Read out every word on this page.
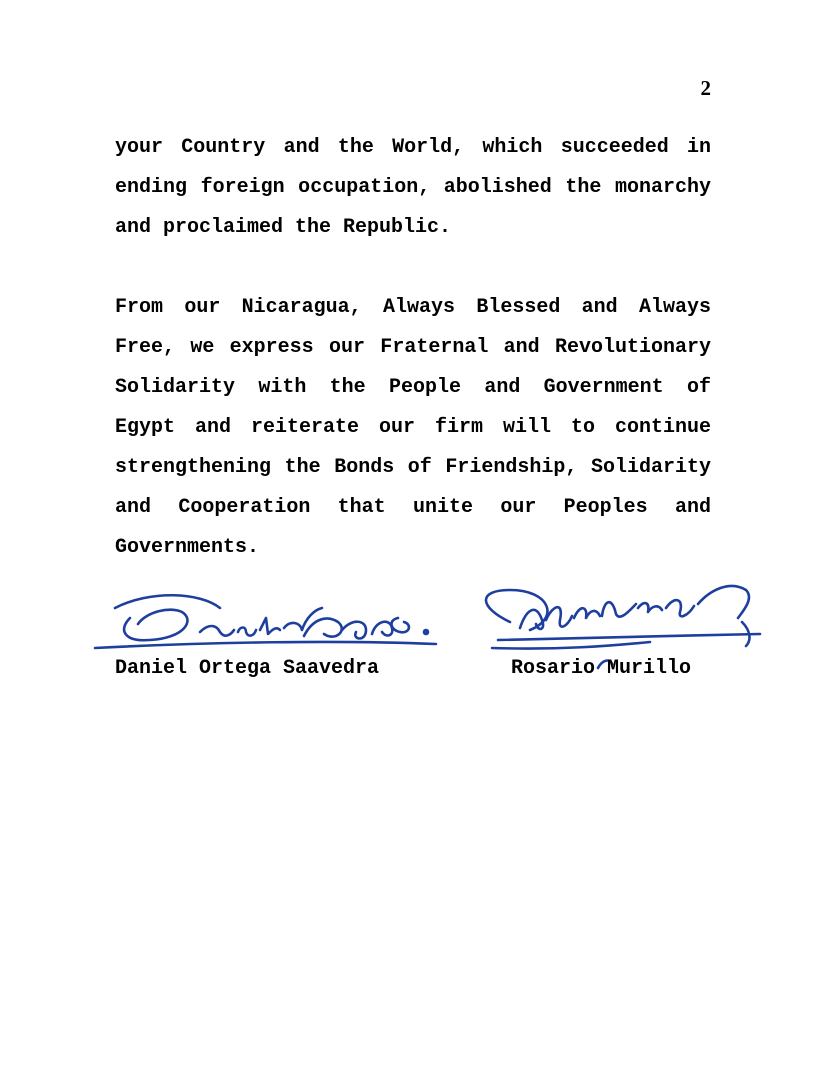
2

your Country and the World, which succeeded in ending foreign occupation, abolished the monarchy and proclaimed the Republic.

From our Nicaragua, Always Blessed and Always Free, we express our Fraternal and Revolutionary Solidarity with the People and Government of Egypt and reiterate our firm will to continue strengthening the Bonds of Friendship, Solidarity and Cooperation that unite our Peoples and Governments.

Daniel Ortega Saavedra	Rosario Murillo
